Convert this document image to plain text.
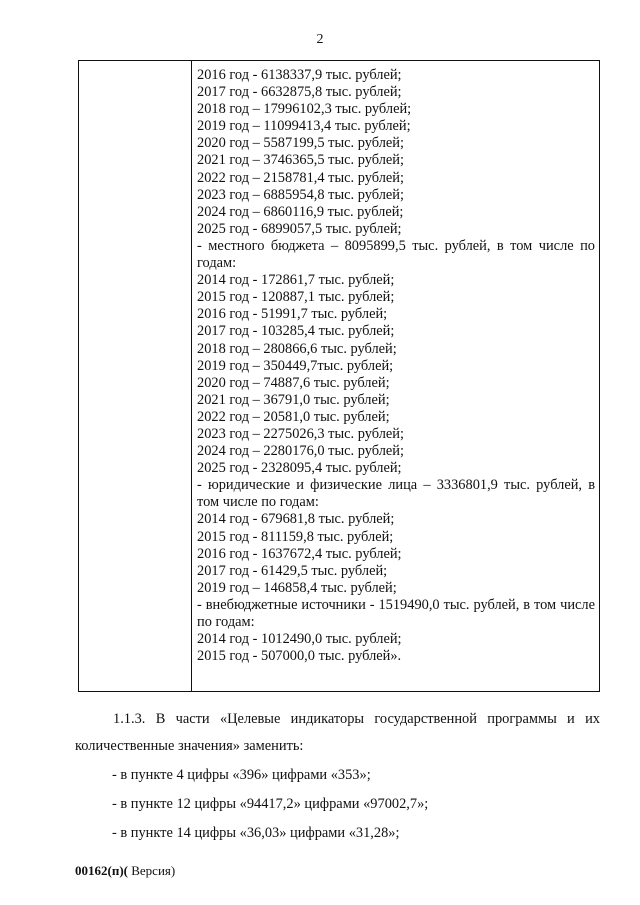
2
2016 год - 6138337,9 тыс. рублей;
2017 год - 6632875,8 тыс. рублей;
2018 год – 17996102,3 тыс. рублей;
2019 год – 11099413,4 тыс. рублей;
2020 год – 5587199,5 тыс. рублей;
2021 год – 3746365,5 тыс. рублей;
2022 год – 2158781,4 тыс. рублей;
2023 год – 6885954,8 тыс. рублей;
2024 год – 6860116,9 тыс. рублей;
2025 год - 6899057,5 тыс. рублей;
- местного бюджета – 8095899,5 тыс. рублей, в том числе по годам:
2014 год - 172861,7 тыс. рублей;
2015 год - 120887,1 тыс. рублей;
2016 год - 51991,7 тыс. рублей;
2017 год - 103285,4 тыс. рублей;
2018 год – 280866,6 тыс. рублей;
2019 год – 350449,7тыс. рублей;
2020 год – 74887,6 тыс. рублей;
2021 год – 36791,0 тыс. рублей;
2022 год – 20581,0 тыс. рублей;
2023 год – 2275026,3 тыс. рублей;
2024 год – 2280176,0 тыс. рублей;
2025 год - 2328095,4 тыс. рублей;
- юридические и физические лица – 3336801,9 тыс. рублей, в том числе по годам:
2014 год - 679681,8 тыс. рублей;
2015 год - 811159,8 тыс. рублей;
2016 год - 1637672,4 тыс. рублей;
2017 год - 61429,5 тыс. рублей;
2019 год – 146858,4 тыс. рублей;
- внебюджетные источники - 1519490,0 тыс. рублей, в том числе по годам:
2014 год - 1012490,0 тыс. рублей;
2015 год - 507000,0 тыс. рублей».
1.1.3. В части «Целевые индикаторы государственной программы и их количественные значения» заменить:
- в пункте 4 цифры «396» цифрами «353»;
- в пункте 12 цифры «94417,2» цифрами «97002,7»;
- в пункте 14 цифры «36,03» цифрами «31,28»;
00162(п)( Версия)
